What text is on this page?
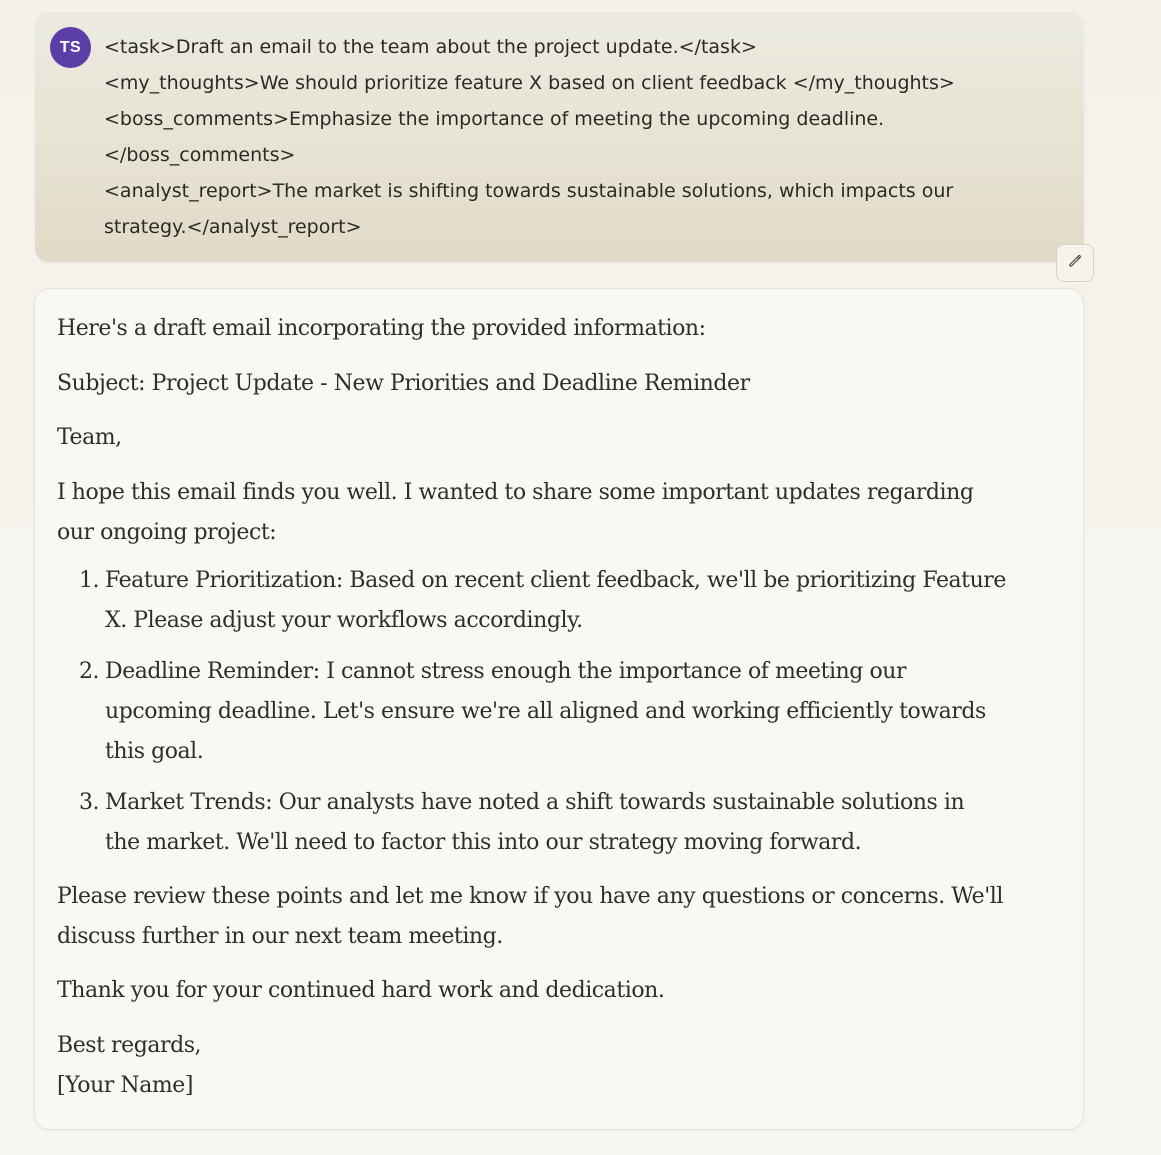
TS	<task>Draft an email to the team about the project update.</task>
<my_thoughts>We should prioritize feature X based on client feedback </my_thoughts>
<boss_comments>Emphasize the importance of meeting the upcoming deadline.
</boss_comments>
<analyst_report>The market is shifting towards sustainable solutions, which impacts our
strategy.</analyst_report>
Here's a draft email incorporating the provided information:
Subject: Project Update - New Priorities and Deadline Reminder
Team,
I hope this email finds you well. I wanted to share some important updates regarding
our ongoing project:
1. Feature Prioritization: Based on recent client feedback, we'll be prioritizing Feature
X. Please adjust your workflows accordingly.
2. Deadline Reminder: I cannot stress enough the importance of meeting our
upcoming deadline. Let's ensure we're all aligned and working efficiently towards
this goal.
3. Market Trends: Our analysts have noted a shift towards sustainable solutions in
the market. We'll need to factor this into our strategy moving forward.
Please review these points and let me know if you have any questions or concerns. We'll
discuss further in our next team meeting.
Thank you for your continued hard work and dedication.
Best regards,
[Your Name]
